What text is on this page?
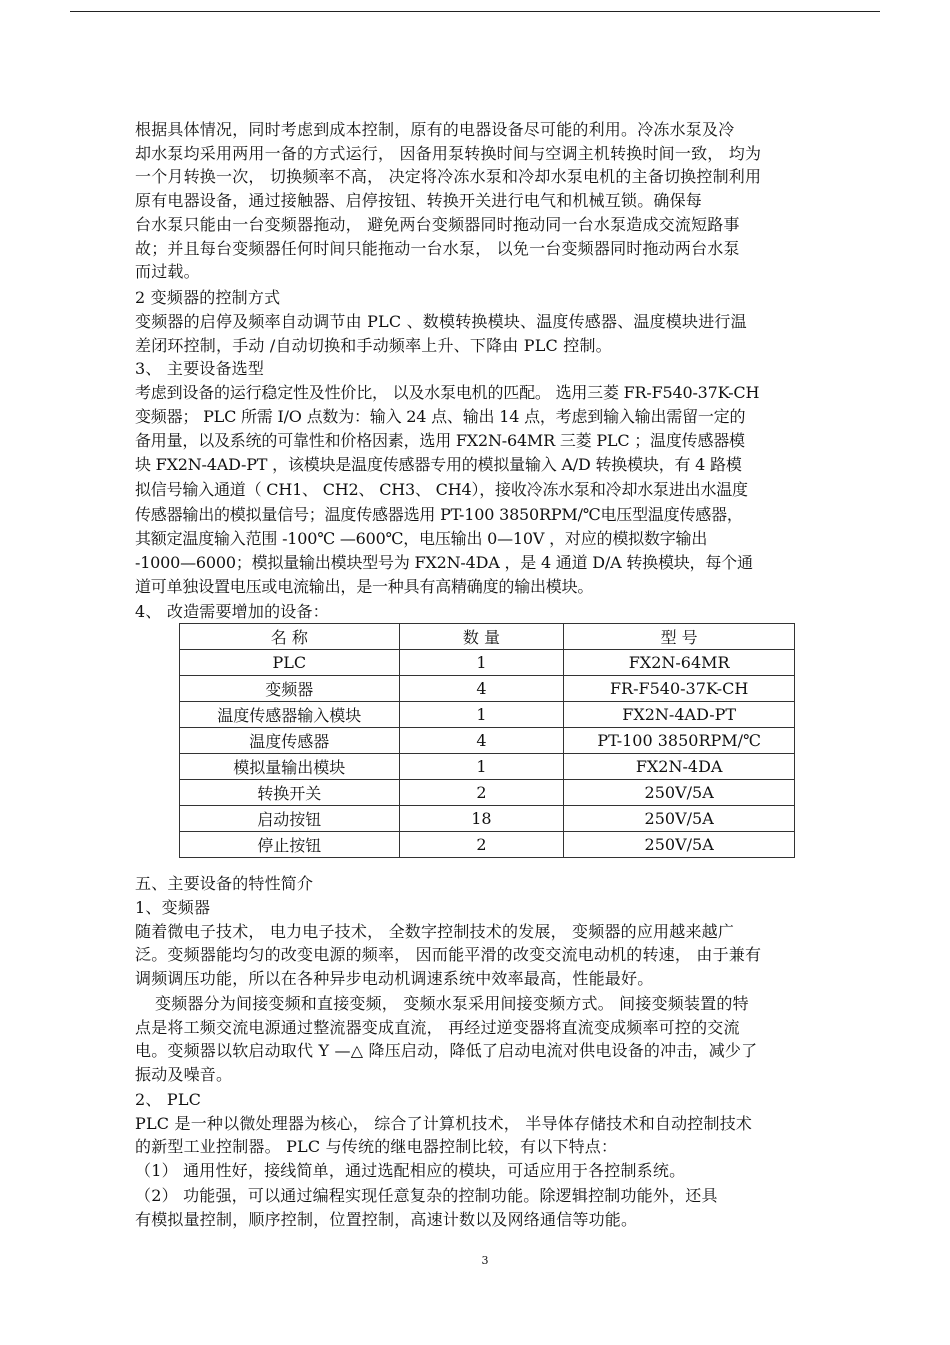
根据具体情况，同时考虑到成本控制，原有的电器设备尽可能的利用。冷冻水泵及冷
却水泵均采用两用一备的方式运行， 因备用泵转换时间与空调主机转换时间一致， 均为
一个月转换一次， 切换频率不高， 决定将冷冻水泵和冷却水泵电机的主备切换控制利用
原有电器设备，通过接触器、启停按钮、转换开关进行电气和机械互锁。确保每
台水泵只能由一台变频器拖动， 避免两台变频器同时拖动同一台水泵造成交流短路事
故；并且每台变频器任何时间只能拖动一台水泵， 以免一台变频器同时拖动两台水泵
而过载。
2 变频器的控制方式
变频器的启停及频率自动调节由 PLC 、数模转换模块、温度传感器、温度模块进行温
差闭环控制，手动 /自动切换和手动频率上升、下降由 PLC 控制。
3、 主要设备选型
考虑到设备的运行稳定性及性价比， 以及水泵电机的匹配。 选用三菱 FR-F540-37K-CH
变频器； PLC 所需 I/O 点数为：输入 24 点、输出 14 点，考虑到输入输出需留一定的
备用量，以及系统的可靠性和价格因素，选用 FX2N-64MR 三菱 PLC ；温度传感器模
块 FX2N-4AD-PT ，该模块是温度传感器专用的模拟量输入 A/D 转换模块，有 4 路模
拟信号输入通道（ CH1、 CH2、 CH3、 CH4），接收冷冻水泵和冷却水泵进出水温度
传感器输出的模拟量信号；温度传感器选用 PT-100 3850RPM/℃电压型温度传感器，
其额定温度输入范围 -100℃ —600℃，电压输出 0—10V ，对应的模拟数字输出
-1000—6000；模拟量输出模块型号为 FX2N-4DA ，是 4 通道 D/A 转换模块，每个通
道可单独设置电压或电流输出，是一种具有高精确度的输出模块。
4、 改造需要增加的设备：
名 称	数 量	型 号
PLC	1	FX2N-64MR
变频器	4	FR-F540-37K-CH
温度传感器输入模块	1	FX2N-4AD-PT
温度传感器	4	PT-100 3850RPM/℃
模拟量输出模块	1	FX2N-4DA
转换开关	2	250V/5A
启动按钮	18	250V/5A
停止按钮	2	250V/5A
五、主要设备的特性简介
1、变频器
随着微电子技术， 电力电子技术， 全数字控制技术的发展， 变频器的应用越来越广
泛。变频器能均匀的改变电源的频率， 因而能平滑的改变交流电动机的转速， 由于兼有
调频调压功能，所以在各种异步电动机调速系统中效率最高，性能最好。
变频器分为间接变频和直接变频， 变频水泵采用间接变频方式。 间接变频装置的特
点是将工频交流电源通过整流器变成直流， 再经过逆变器将直流变成频率可控的交流
电。变频器以软启动取代 Y —△ 降压启动，降低了启动电流对供电设备的冲击，减少了
振动及噪音。
2、 PLC
PLC 是一种以微处理器为核心， 综合了计算机技术， 半导体存储技术和自动控制技术
的新型工业控制器。 PLC 与传统的继电器控制比较，有以下特点：
（1） 通用性好，接线简单，通过选配相应的模块，可适应用于各控制系统。
（2） 功能强，可以通过编程实现任意复杂的控制功能。除逻辑控制功能外，还具
有模拟量控制，顺序控制，位置控制，高速计数以及网络通信等功能。
3
